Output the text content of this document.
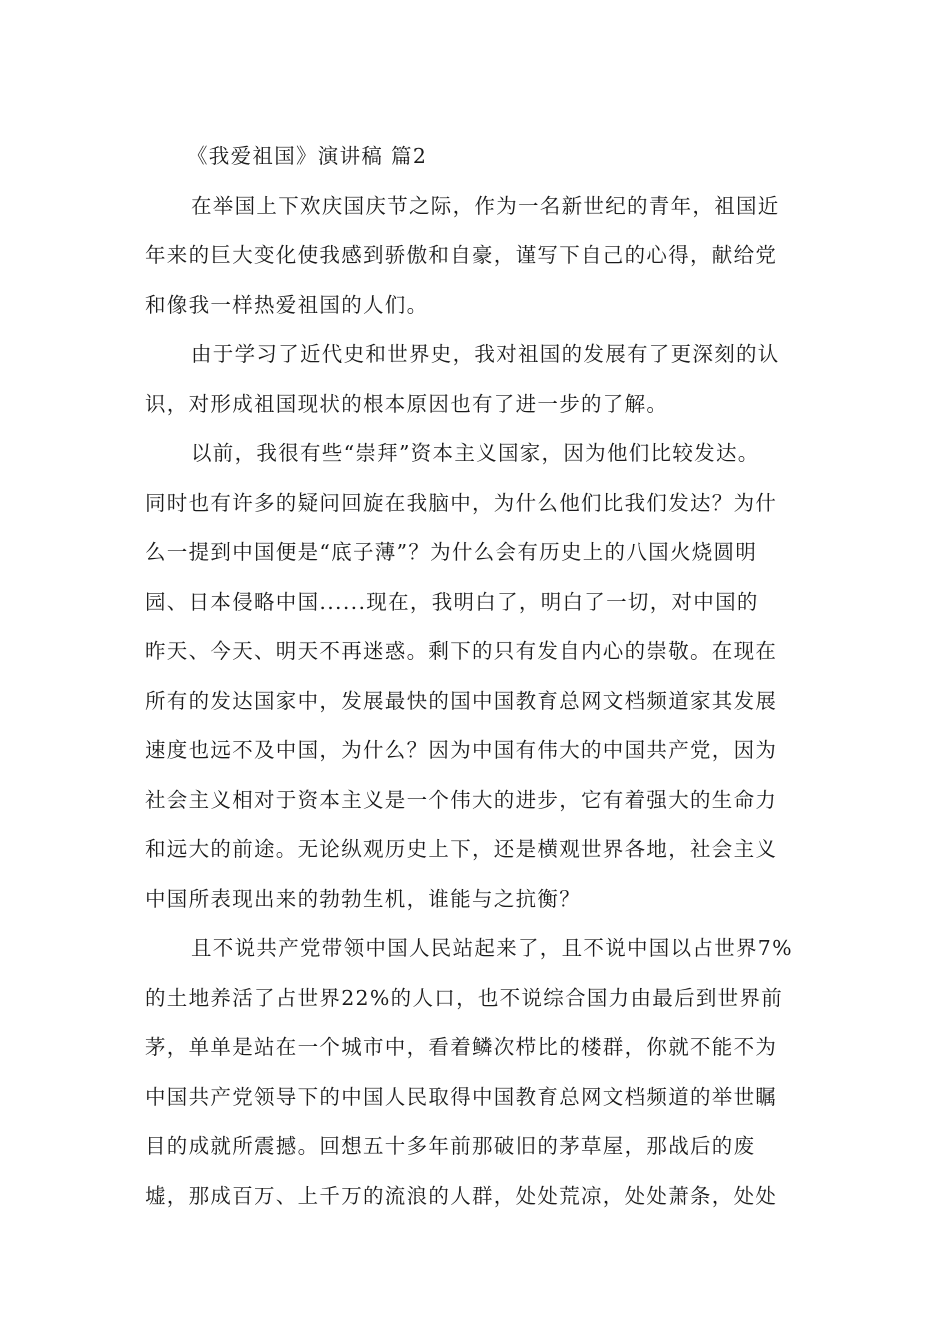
《我爱祖国》演讲稿 篇2

在举国上下欢庆国庆节之际，作为一名新世纪的青年，祖国近
年来的巨大变化使我感到骄傲和自豪，谨写下自己的心得，献给党
和像我一样热爱祖国的人们。

由于学习了近代史和世界史，我对祖国的发展有了更深刻的认
识，对形成祖国现状的根本原因也有了进一步的了解。

以前，我很有些“崇拜”资本主义国家，因为他们比较发达。
同时也有许多的疑问回旋在我脑中，为什么他们比我们发达？为什
么一提到中国便是“底子薄”？为什么会有历史上的八国火烧圆明
园、日本侵略中国......现在，我明白了，明白了一切，对中国的
昨天、今天、明天不再迷惑。剩下的只有发自内心的崇敬。在现在
所有的发达国家中，发展最快的国中国教育总网文档频道家其发展
速度也远不及中国，为什么？因为中国有伟大的中国共产党，因为
社会主义相对于资本主义是一个伟大的进步，它有着强大的生命力
和远大的前途。无论纵观历史上下，还是横观世界各地，社会主义
中国所表现出来的勃勃生机，谁能与之抗衡？

且不说共产党带领中国人民站起来了，且不说中国以占世界7%
的土地养活了占世界22%的人口，也不说综合国力由最后到世界前
茅，单单是站在一个城市中，看着鳞次栉比的楼群，你就不能不为
中国共产党领导下的中国人民取得中国教育总网文档频道的举世瞩
目的成就所震撼。回想五十多年前那破旧的茅草屋，那战后的废
墟，那成百万、上千万的流浪的人群，处处荒凉，处处萧条，处处
